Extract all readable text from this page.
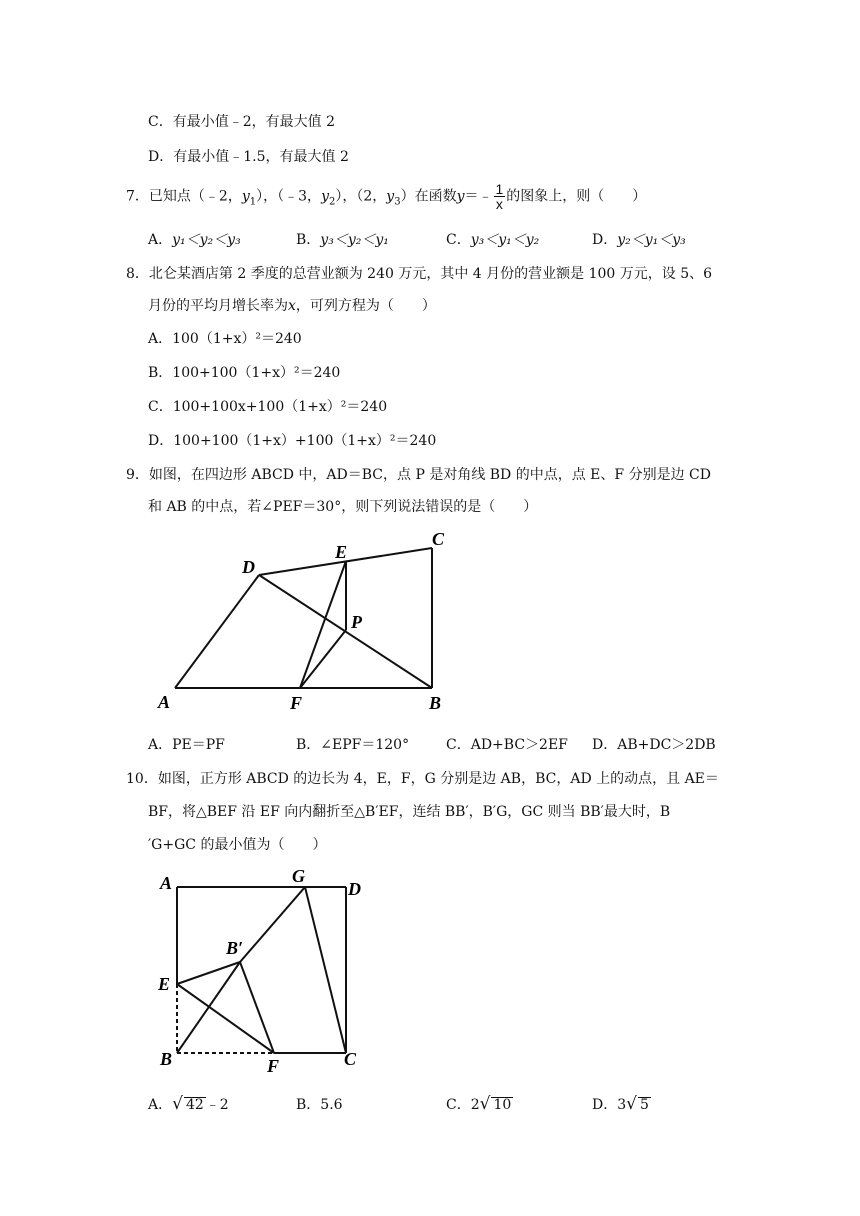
C．有最小值﹣2，有最大值 2
D．有最小值﹣1.5，有最大值 2
7．已知点（﹣2，$y_1$），（﹣3，$y_2$），（2，$y_3$）在函数y＝﹣ $\frac{1}{x}$ 的图象上，则（　　）
A．y₁＜y₂＜y₃	B．y₃＜y₂＜y₁	C．y₃＜y₁＜y₂	D．y₂＜y₁＜y₃
8．北仑某酒店第 2 季度的总营业额为 240 万元，其中 4 月份的营业额是 100 万元，设 5、6
月份的平均月增长率为x，可列方程为（　　）
A．100（1+x）²＝240
B．100+100（1+x）²＝240
C．100+100x+100（1+x）²＝240
D．100+100（1+x）+100（1+x）²＝240
9．如图，在四边形 ABCD 中，AD＝BC，点 P 是对角线 BD 的中点，点 E、F 分别是边 CD
和 AB 的中点，若∠PEF＝30°，则下列说法错误的是（　　）
A	B
C
D
E
F
P
A．PE＝PF	B．∠EPF＝120°	C．AD+BC＞2EF D．AB+DC＞2DB
10．如图，正方形 ABCD 的边长为 4，E，F，G 分别是边 AB，BC，AD 上的动点，且 AE＝
BF，将△BEF 沿 EF 向内翻折至△B′EF，连结 BB′，B′G，GC 则当 BB′最大时，B
′G+GC 的最小值为（　　）
A	D
G
B′
E
B	F	C
A．√ 42 ﹣2	B．5.6	C．2√ 10	D．3√ 5
